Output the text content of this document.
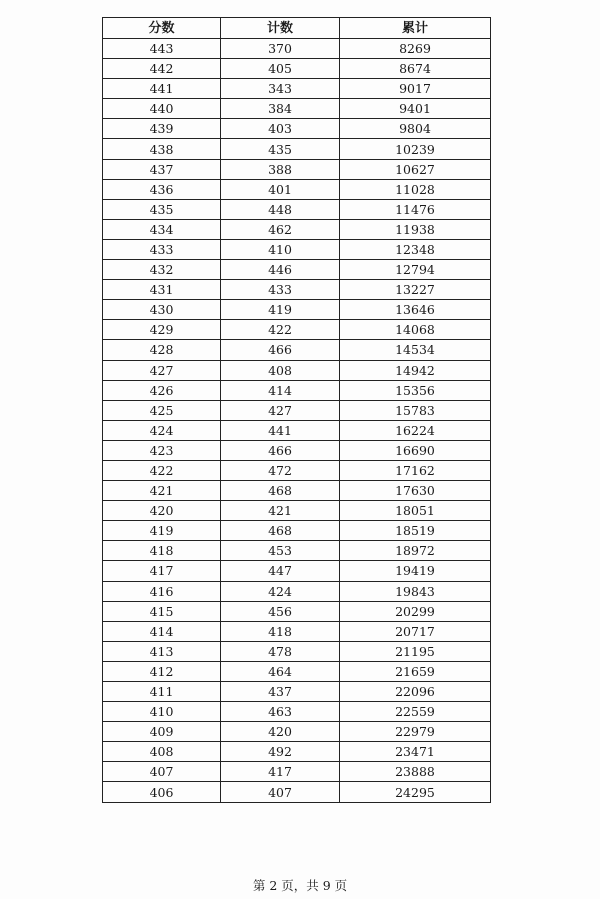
分数	计数	累计
443	370	8269
442	405	8674
441	343	9017
440	384	9401
439	403	9804
438	435	10239
437	388	10627
436	401	11028
435	448	11476
434	462	11938
433	410	12348
432	446	12794
431	433	13227
430	419	13646
429	422	14068
428	466	14534
427	408	14942
426	414	15356
425	427	15783
424	441	16224
423	466	16690
422	472	17162
421	468	17630
420	421	18051
419	468	18519
418	453	18972
417	447	19419
416	424	19843
415	456	20299
414	418	20717
413	478	21195
412	464	21659
411	437	22096
410	463	22559
409	420	22979
408	492	23471
407	417	23888
406	407	24295
第 2 页，共 9 页
